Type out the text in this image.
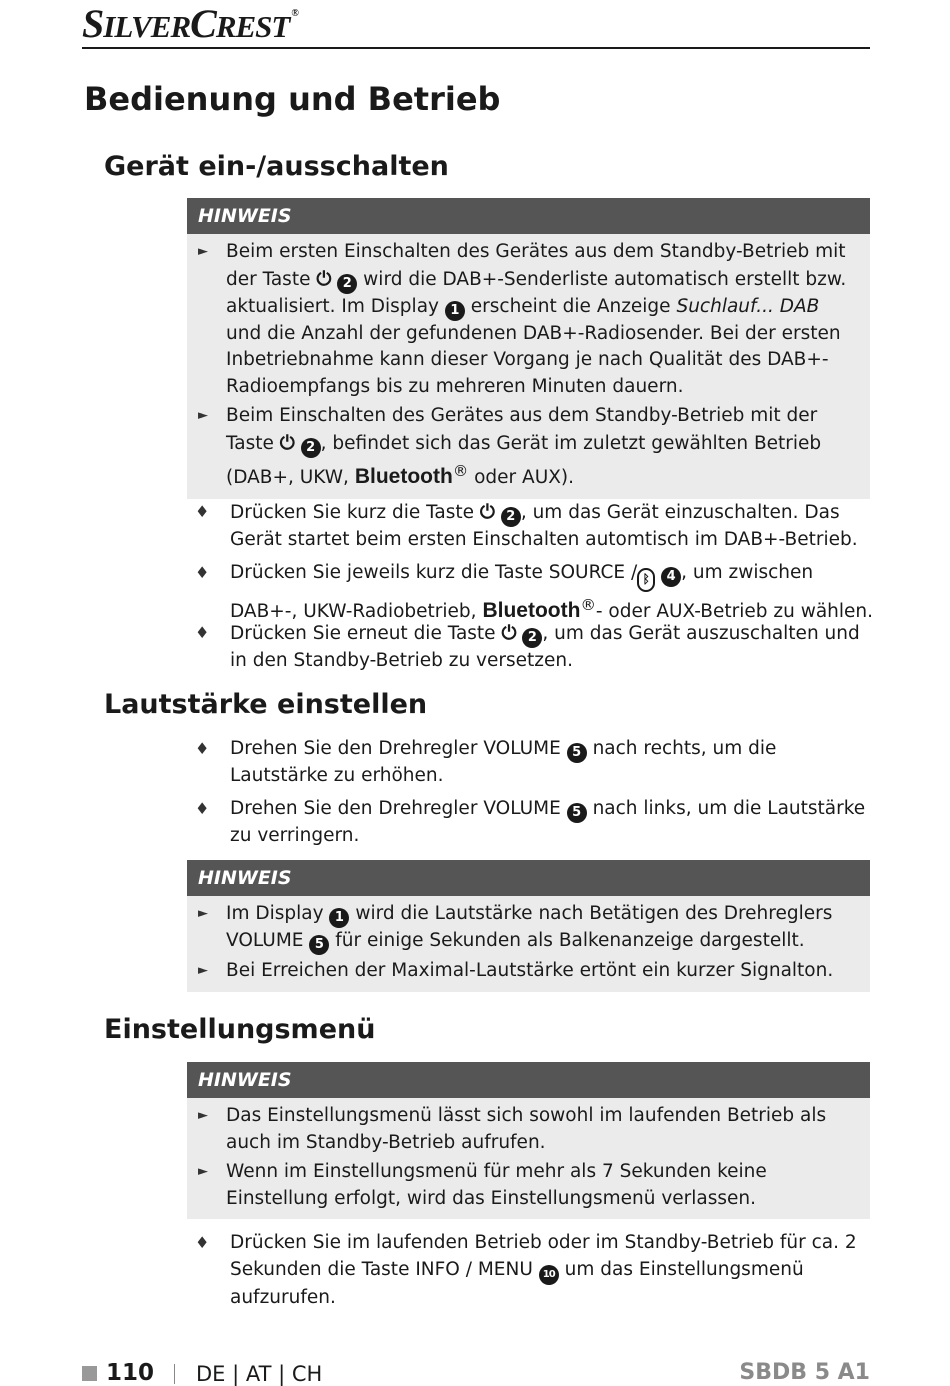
SILVERCREST ®
Bedienung und Betrieb
Gerät ein-/ausschalten
HINWEIS
► Beim ersten Einschalten des Gerätes aus dem Standby-Betrieb mit der Taste ⏻ 2 wird die DAB+-Senderliste automatisch erstellt bzw. aktualisiert. Im Display 1 erscheint die Anzeige Suchlauf... DAB und die Anzahl der gefundenen DAB+-Radiosender. Bei der ersten Inbetriebnahme kann dieser Vorgang je nach Qualität des DAB+-Radioempfangs bis zu mehreren Minuten dauern.
► Beim Einschalten des Gerätes aus dem Standby-Betrieb mit der Taste ⏻ 2 , befindet sich das Gerät im zuletzt gewählten Betrieb (DAB+, UKW, Bluetooth® oder AUX).
♦ Drücken Sie kurz die Taste ⏻ 2 , um das Gerät einzuschalten. Das Gerät startet beim ersten Einschalten automtisch im DAB+-Betrieb.
♦ Drücken Sie jeweils kurz die Taste SOURCE / ᛒ 4 , um zwischen DAB+-, UKW-Radiobetrieb, Bluetooth®- oder AUX-Betrieb zu wählen.
♦ Drücken Sie erneut die Taste ⏻ 2 , um das Gerät auszuschalten und in den Standby-Betrieb zu versetzen.
Lautstärke einstellen
♦ Drehen Sie den Drehregler VOLUME 5 nach rechts, um die Lautstärke zu erhöhen.
♦ Drehen Sie den Drehregler VOLUME 5 nach links, um die Lautstärke zu verringern.
HINWEIS
► Im Display 1 wird die Lautstärke nach Betätigen des Drehreglers VOLUME 5 für einige Sekunden als Balkenanzeige dargestellt.
► Bei Erreichen der Maximal-Lautstärke ertönt ein kurzer Signalton.
Einstellungsmenü
HINWEIS
► Das Einstellungsmenü lässt sich sowohl im laufenden Betrieb als auch im Standby-Betrieb aufrufen.
► Wenn im Einstellungsmenü für mehr als 7 Sekunden keine Einstellung erfolgt, wird das Einstellungsmenü verlassen.
♦ Drücken Sie im laufenden Betrieb oder im Standby-Betrieb für ca. 2 Sekunden die Taste INFO / MENU 10 um das Einstellungsmenü aufzurufen.
110 DE | AT | CH	SBDB 5 A1
